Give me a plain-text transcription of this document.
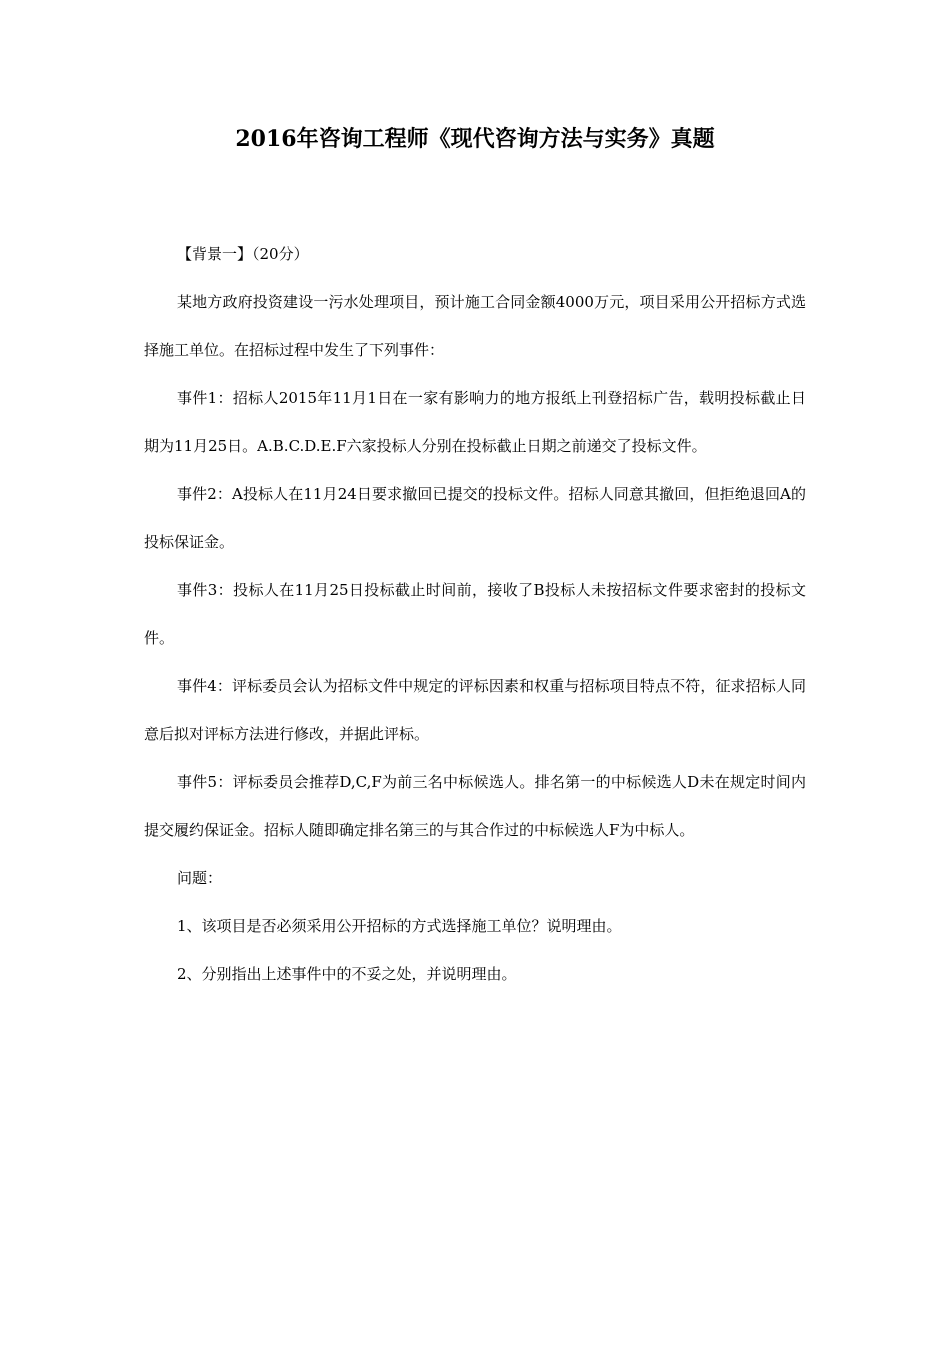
2016年咨询工程师《现代咨询方法与实务》真题

【背景一】（20分）

某地方政府投资建设一污水处理项目，预计施工合同金额4000万元，项目采用公开招标方式选择施工单位。在招标过程中发生了下列事件：

事件1：招标人2015年11月1日在一家有影响力的地方报纸上刊登招标广告，载明投标截止日期为11月25日。A.B.C.D.E.F六家投标人分别在投标截止日期之前递交了投标文件。

事件2：A投标人在11月24日要求撤回已提交的投标文件。招标人同意其撤回，但拒绝退回A的投标保证金。

事件3：投标人在11月25日投标截止时间前，接收了B投标人未按招标文件要求密封的投标文件。

事件4：评标委员会认为招标文件中规定的评标因素和权重与招标项目特点不符，征求招标人同意后拟对评标方法进行修改，并据此评标。

事件5：评标委员会推荐D,C,F为前三名中标候选人。排名第一的中标候选人D未在规定时间内提交履约保证金。招标人随即确定排名第三的与其合作过的中标候选人F为中标人。

问题：

1、该项目是否必须采用公开招标的方式选择施工单位？说明理由。

2、分别指出上述事件中的不妥之处，并说明理由。
